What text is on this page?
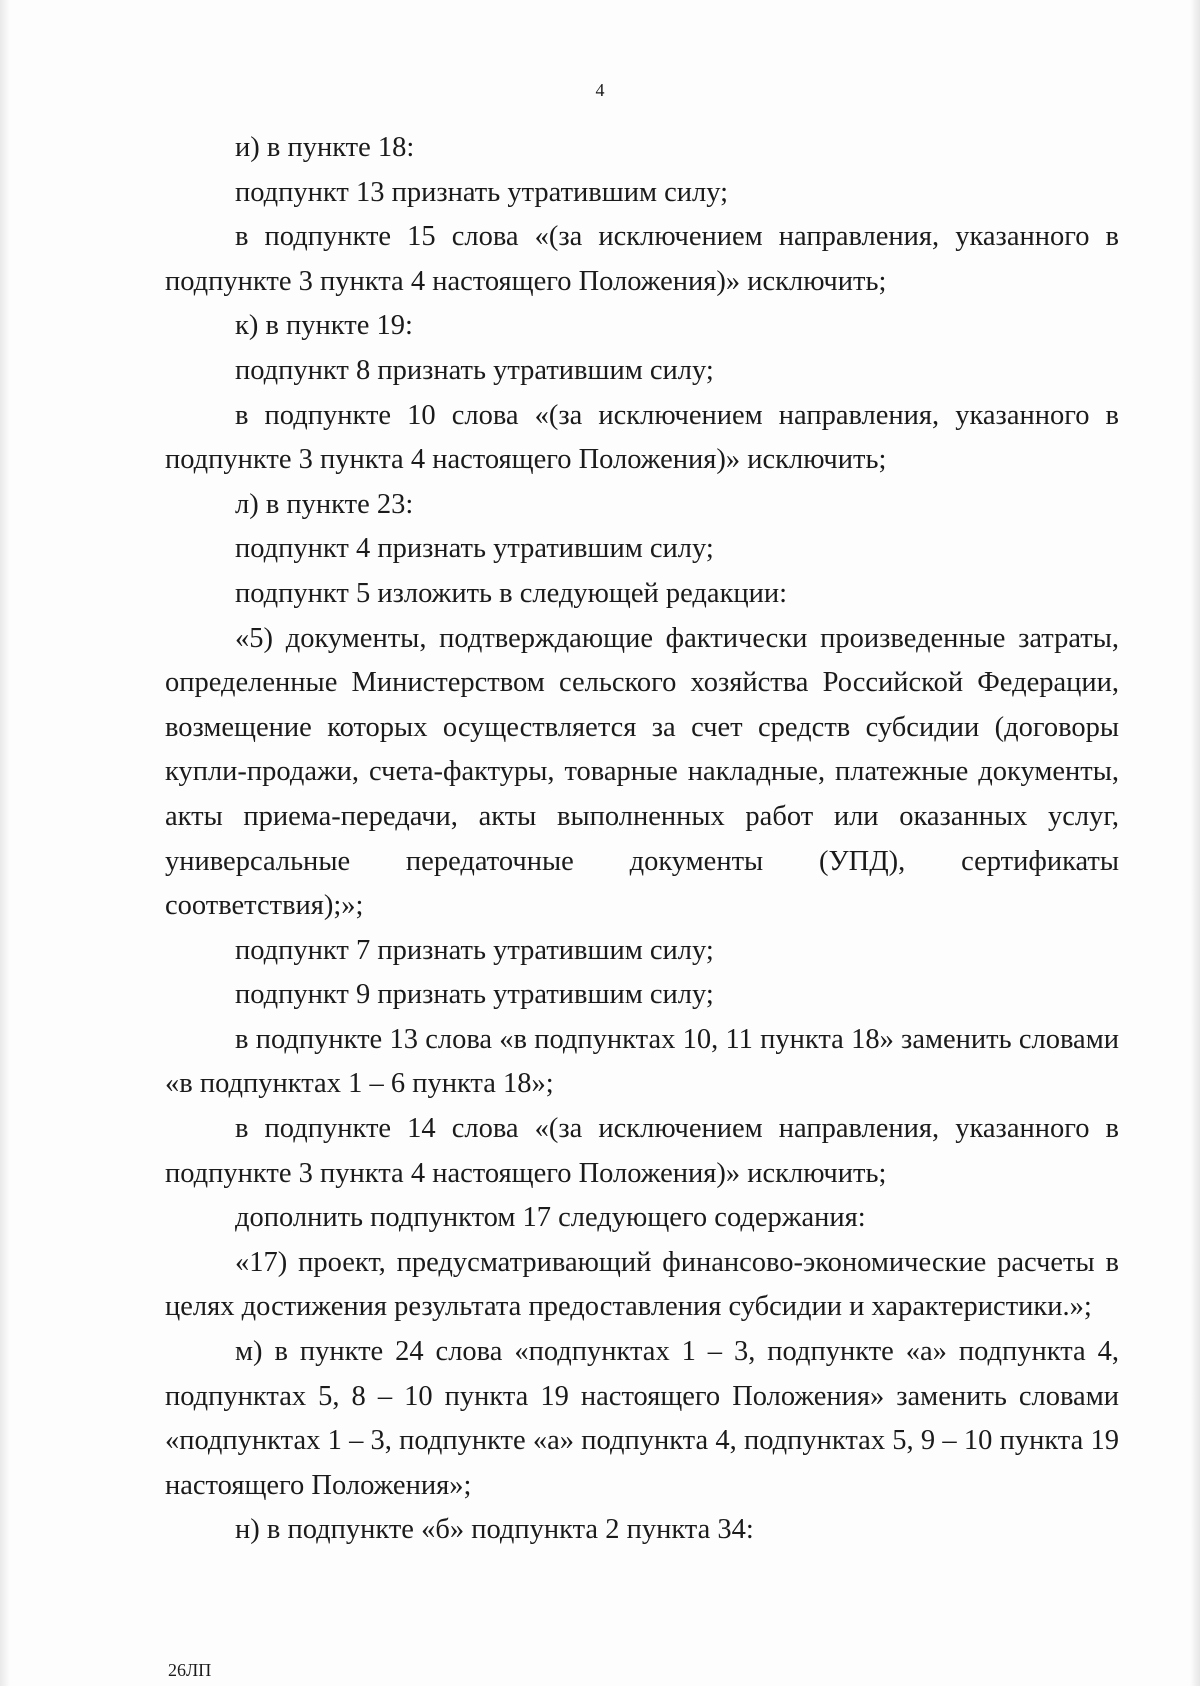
4

и) в пункте 18:

подпункт 13 признать утратившим силу;

в подпункте 15 слова «(за исключением направления, указанного в подпункте 3 пункта 4 настоящего Положения)» исключить;

к) в пункте 19:

подпункт 8 признать утратившим силу;

в подпункте 10 слова «(за исключением направления, указанного в подпункте 3 пункта 4 настоящего Положения)» исключить;

л) в пункте 23:

подпункт 4 признать утратившим силу;

подпункт 5 изложить в следующей редакции:

«5) документы, подтверждающие фактически произведенные затраты, определенные Министерством сельского хозяйства Российской Федерации, возмещение которых осуществляется за счет средств субсидии (договоры купли-продажи, счета-фактуры, товарные накладные, платежные документы, акты приема-передачи, акты выполненных работ или оказанных услуг, универсальные передаточные документы (УПД), сертификаты соответствия);»;

подпункт 7 признать утратившим силу;

подпункт 9 признать утратившим силу;

в подпункте 13 слова «в подпунктах 10, 11 пункта 18» заменить словами «в подпунктах 1 – 6 пункта 18»;

в подпункте 14 слова «(за исключением направления, указанного в подпункте 3 пункта 4 настоящего Положения)» исключить;

дополнить подпунктом 17 следующего содержания:

«17) проект, предусматривающий финансово-экономические расчеты в целях достижения результата предоставления субсидии и характеристики.»;

м) в пункте 24 слова «подпунктах 1 – 3, подпункте «а» подпункта 4, подпунктах 5, 8 – 10 пункта 19 настоящего Положения» заменить словами «подпунктах 1 – 3, подпункте «а» подпункта 4, подпунктах 5, 9 – 10 пункта 19 настоящего Положения»;

н) в подпункте «б» подпункта 2 пункта 34:

26ЛП
